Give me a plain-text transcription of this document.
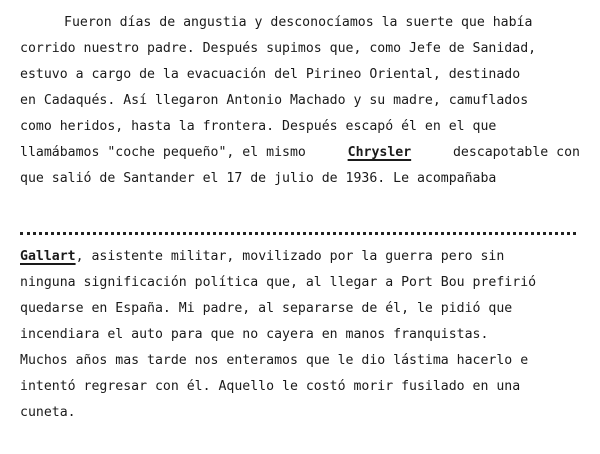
Fueron días de angustia y desconocíamos la suerte que había
corrido nuestro padre. Después supimos que, como Jefe de Sanidad,
estuvo a cargo de la evacuación del Pirineo Oriental, destinado
en Cadaqués. Así llegaron Antonio Machado y su madre, camuflados
como heridos, hasta la frontera. Después escapó él en el que
llamábamos "coche pequeño", el mismo	Chrysler	descapotable con
que salió de Santander el 17 de julio de 1936. Le acompañaba
Gallart, asistente militar, movilizado por la guerra pero sin
ninguna significación política que, al llegar a Port Bou prefirió
quedarse en España. Mi padre, al separarse de él, le pidió que
incendiara el auto para que no cayera en manos franquistas.
Muchos años mas tarde nos enteramos que le dio lástima hacerlo e
intentó regresar con él. Aquello le costó morir fusilado en una
cuneta.
